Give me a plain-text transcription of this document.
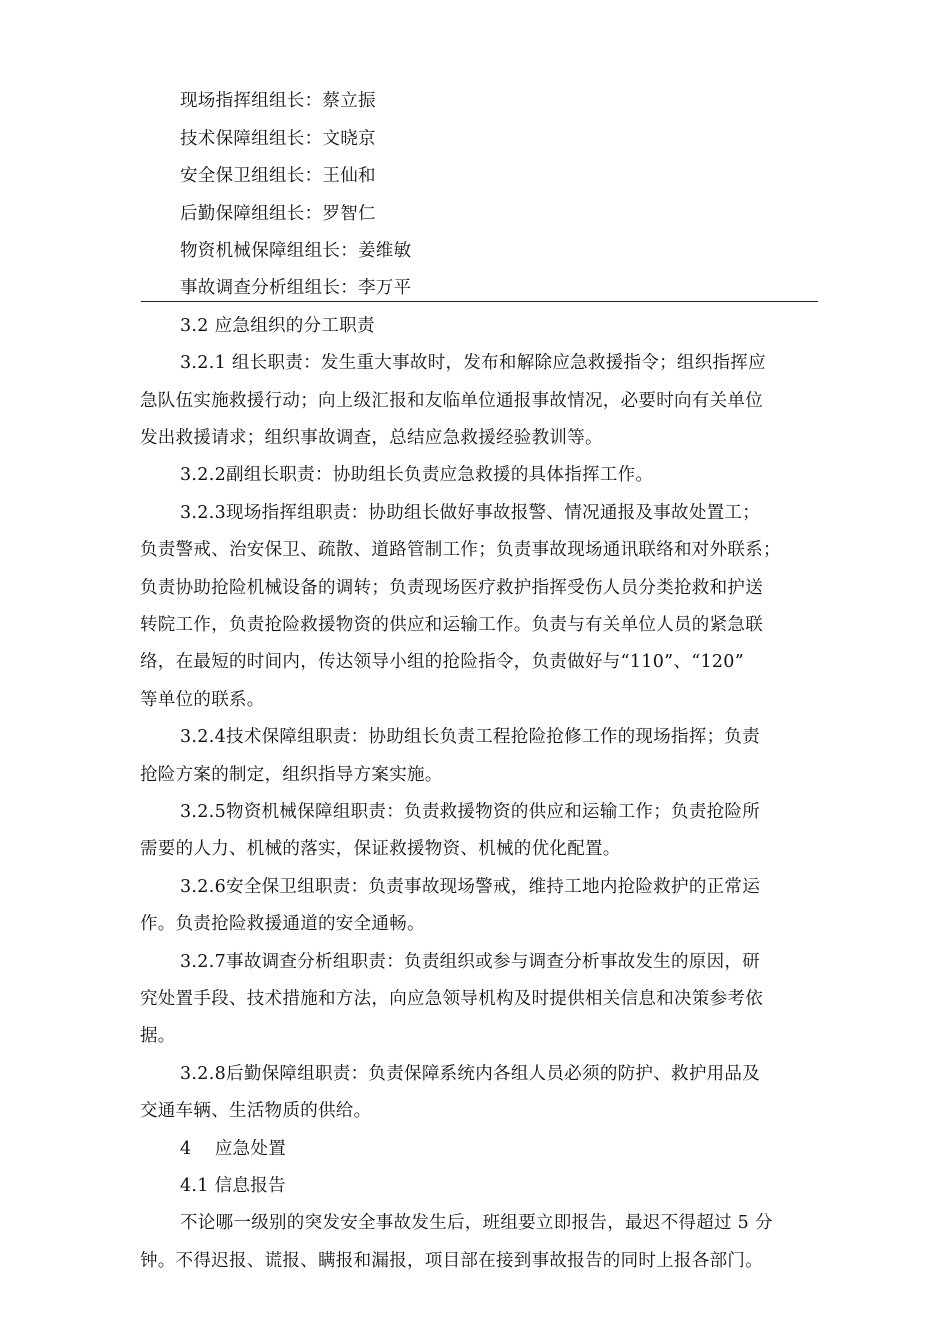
现场指挥组组长：蔡立振
技术保障组组长：文晓京
安全保卫组组长：王仙和
后勤保障组组长：罗智仁
物资机械保障组组长：姜维敏
事故调查分析组组长：李万平
3.2 应急组织的分工职责
3.2.1 组长职责：发生重大事故时，发布和解除应急救援指令；组织指挥应
急队伍实施救援行动；向上级汇报和友临单位通报事故情况，必要时向有关单位
发出救援请求；组织事故调查，总结应急救援经验教训等。
3.2.2副组长职责：协助组长负责应急救援的具体指挥工作。
3.2.3现场指挥组职责：协助组长做好事故报警、情况通报及事故处置工；
负责警戒、治安保卫、疏散、道路管制工作；负责事故现场通讯联络和对外联系；
负责协助抢险机械设备的调转；负责现场医疗救护指挥受伤人员分类抢救和护送
转院工作，负责抢险救援物资的供应和运输工作。负责与有关单位人员的紧急联
络，在最短的时间内，传达领导小组的抢险指令，负责做好与“110”、“120”
等单位的联系。
3.2.4技术保障组职责：协助组长负责工程抢险抢修工作的现场指挥；负责
抢险方案的制定，组织指导方案实施。
3.2.5物资机械保障组职责：负责救援物资的供应和运输工作；负责抢险所
需要的人力、机械的落实，保证救援物资、机械的优化配置。
3.2.6安全保卫组职责：负责事故现场警戒，维持工地内抢险救护的正常运
作。负责抢险救援通道的安全通畅。
3.2.7事故调查分析组职责：负责组织或参与调查分析事故发生的原因，研
究处置手段、技术措施和方法，向应急领导机构及时提供相关信息和决策参考依
据。
3.2.8后勤保障组职责：负责保障系统内各组人员必须的防护、救护用品及
交通车辆、生活物质的供给。
4    应急处置
4.1 信息报告
不论哪一级别的突发安全事故发生后，班组要立即报告，最迟不得超过 5 分
钟。不得迟报、谎报、瞒报和漏报，项目部在接到事故报告的同时上报各部门。
